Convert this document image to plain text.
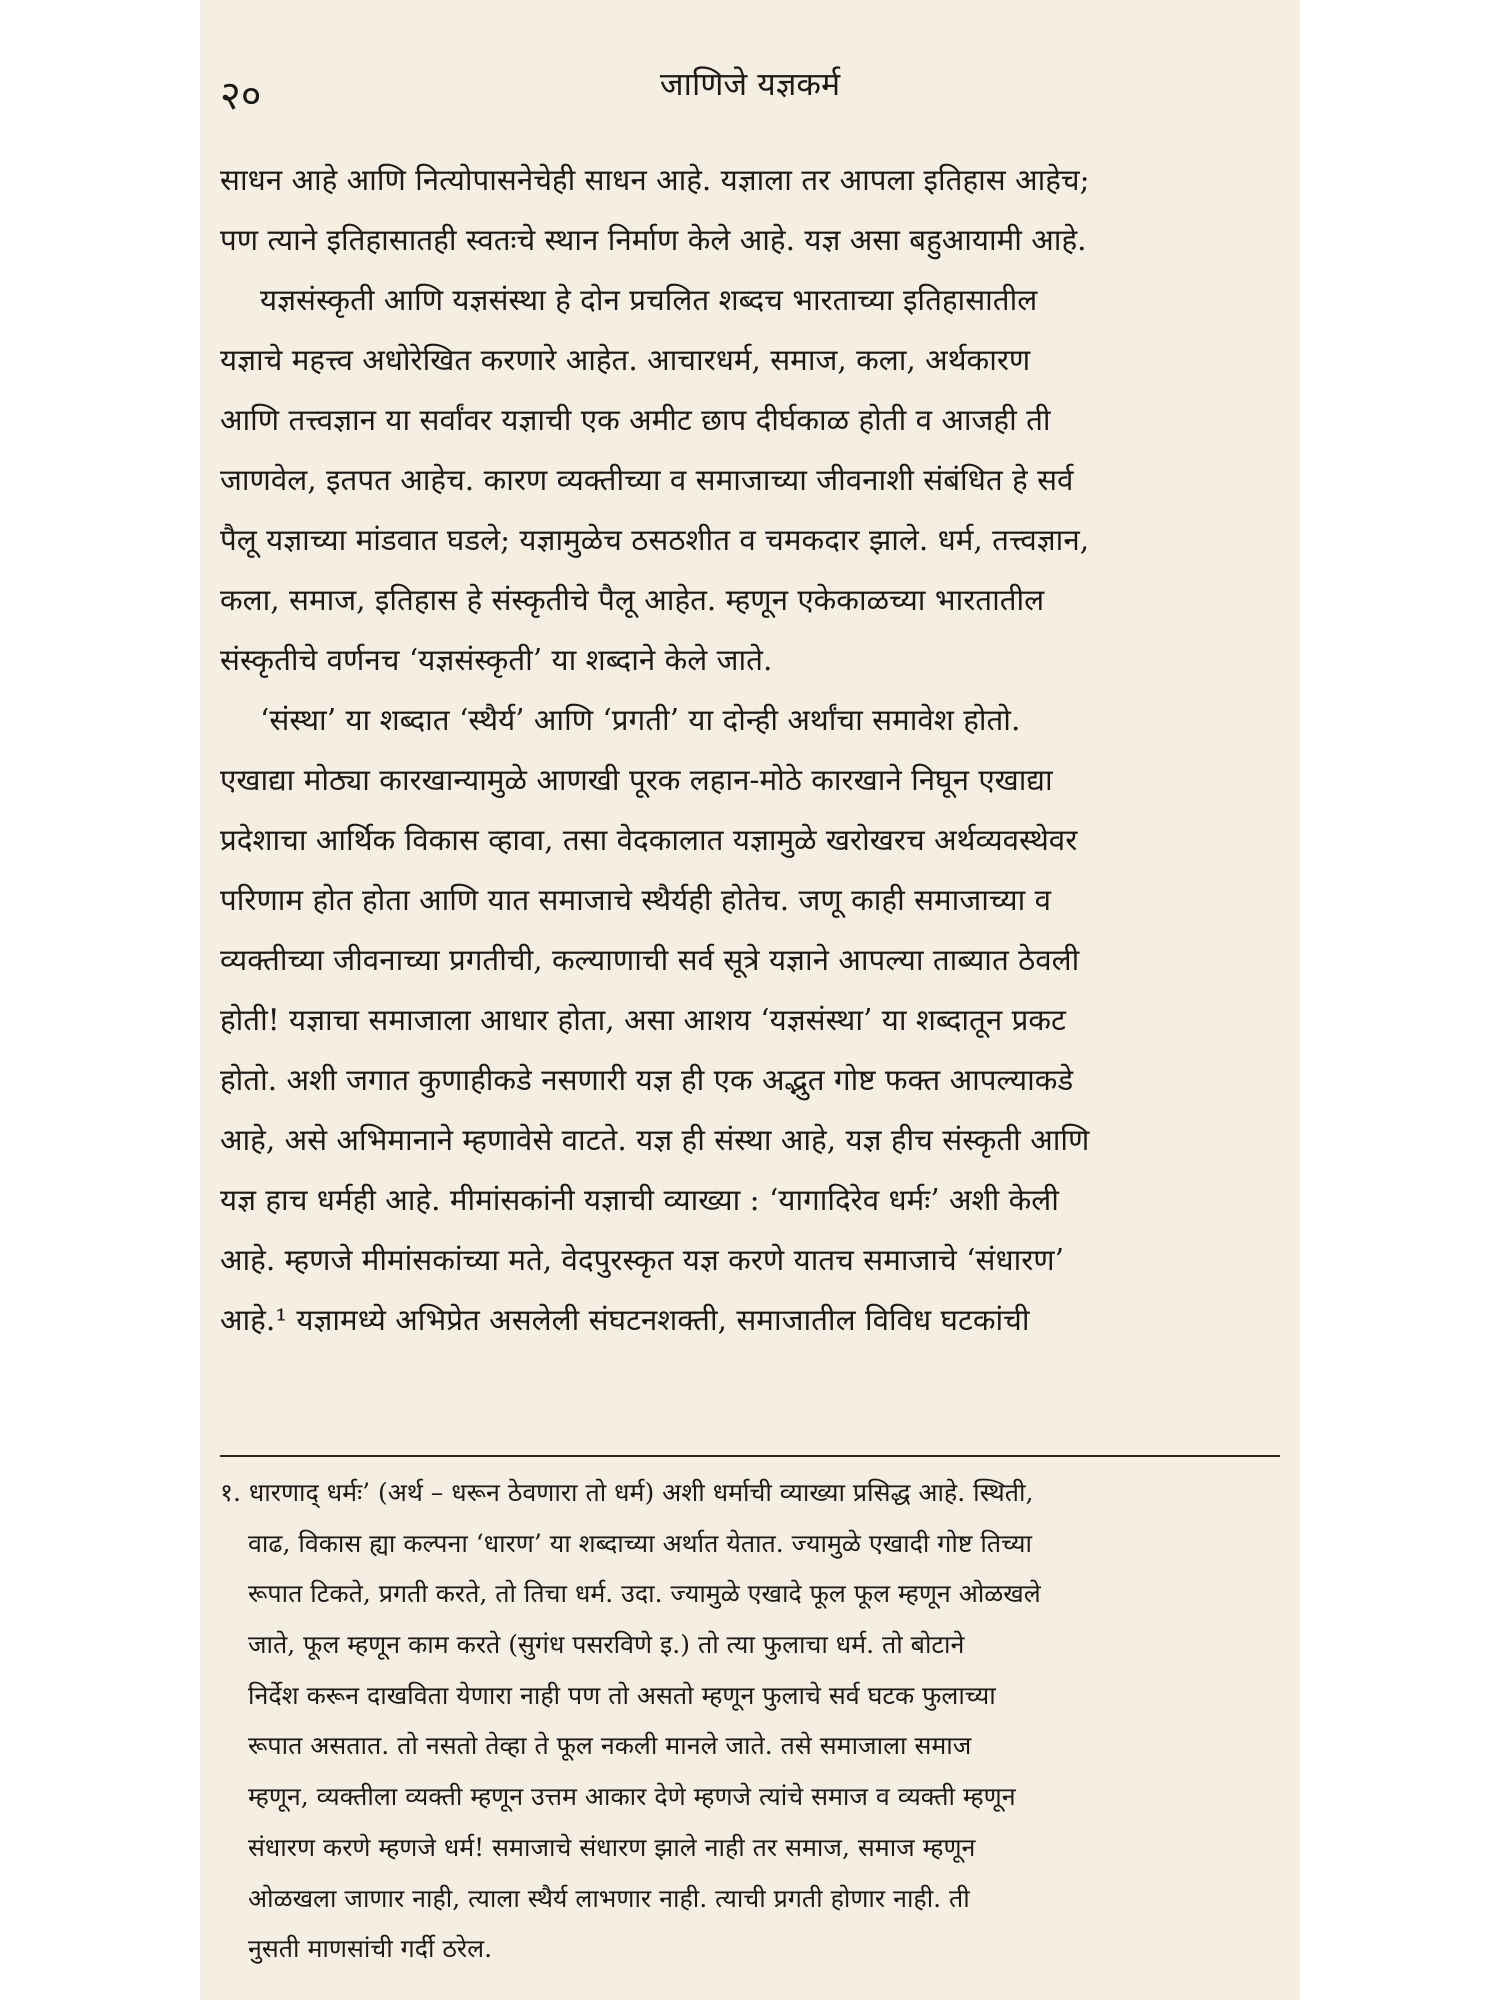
२०	जाणिजे यज्ञकर्म
साधन आहे आणि नित्योपासनेचेही साधन आहे. यज्ञाला तर आपला इतिहास आहेच;
पण त्याने इतिहासातही स्वतःचे स्थान निर्माण केले आहे. यज्ञ असा बहुआयामी आहे.
यज्ञसंस्कृती आणि यज्ञसंस्था हे दोन प्रचलित शब्दच भारताच्या इतिहासातील
यज्ञाचे महत्त्व अधोरेखित करणारे आहेत. आचारधर्म, समाज, कला, अर्थकारण
आणि तत्त्वज्ञान या सर्वांवर यज्ञाची एक अमीट छाप दीर्घकाळ होती व आजही ती
जाणवेल, इतपत आहेच. कारण व्यक्तीच्या व समाजाच्या जीवनाशी संबंधित हे सर्व
पैलू यज्ञाच्या मांडवात घडले; यज्ञामुळेच ठसठशीत व चमकदार झाले. धर्म, तत्त्वज्ञान,
कला, समाज, इतिहास हे संस्कृतीचे पैलू आहेत. म्हणून एकेकाळच्या भारतातील
संस्कृतीचे वर्णनच ‘यज्ञसंस्कृती’ या शब्दाने केले जाते.
‘संस्था’ या शब्दात ‘स्थैर्य’ आणि ‘प्रगती’ या दोन्ही अर्थांचा समावेश होतो.
एखाद्या मोठ्या कारखान्यामुळे आणखी पूरक लहान-मोठे कारखाने निघून एखाद्या
प्रदेशाचा आर्थिक विकास व्हावा, तसा वेदकालात यज्ञामुळे खरोखरच अर्थव्यवस्थेवर
परिणाम होत होता आणि यात समाजाचे स्थैर्यही होतेच. जणू काही समाजाच्या व
व्यक्तीच्या जीवनाच्या प्रगतीची, कल्याणाची सर्व सूत्रे यज्ञाने आपल्या ताब्यात ठेवली
होती! यज्ञाचा समाजाला आधार होता, असा आशय ‘यज्ञसंस्था’ या शब्दातून प्रकट
होतो. अशी जगात कुणाहीकडे नसणारी यज्ञ ही एक अद्भुत गोष्ट फक्त आपल्याकडे
आहे, असे अभिमानाने म्हणावेसे वाटते. यज्ञ ही संस्था आहे, यज्ञ हीच संस्कृती आणि
यज्ञ हाच धर्मही आहे. मीमांसकांनी यज्ञाची व्याख्या : ‘यागादिरेव धर्मः’ अशी केली
आहे. म्हणजे मीमांसकांच्या मते, वेदपुरस्कृत यज्ञ करणे यातच समाजाचे ‘संधारण’
आहे.¹ यज्ञामध्ये अभिप्रेत असलेली संघटनशक्ती, समाजातील विविध घटकांची
१. धारणाद् धर्मः’ (अर्थ – धरून ठेवणारा तो धर्म) अशी धर्माची व्याख्या प्रसिद्ध आहे. स्थिती,
वाढ, विकास ह्या कल्पना ‘धारण’ या शब्दाच्या अर्थात येतात. ज्यामुळे एखादी गोष्ट तिच्या
रूपात टिकते, प्रगती करते, तो तिचा धर्म. उदा. ज्यामुळे एखादे फूल फूल म्हणून ओळखले
जाते, फूल म्हणून काम करते (सुगंध पसरविणे इ.) तो त्या फुलाचा धर्म. तो बोटाने
निर्देश करून दाखविता येणारा नाही पण तो असतो म्हणून फुलाचे सर्व घटक फुलाच्या
रूपात असतात. तो नसतो तेव्हा ते फूल नकली मानले जाते. तसे समाजाला समाज
म्हणून, व्यक्तीला व्यक्ती म्हणून उत्तम आकार देणे म्हणजे त्यांचे समाज व व्यक्ती म्हणून
संधारण करणे म्हणजे धर्म! समाजाचे संधारण झाले नाही तर समाज, समाज म्हणून
ओळखला जाणार नाही, त्याला स्थैर्य लाभणार नाही. त्याची प्रगती होणार नाही. ती
नुसती माणसांची गर्दी ठरेल.
